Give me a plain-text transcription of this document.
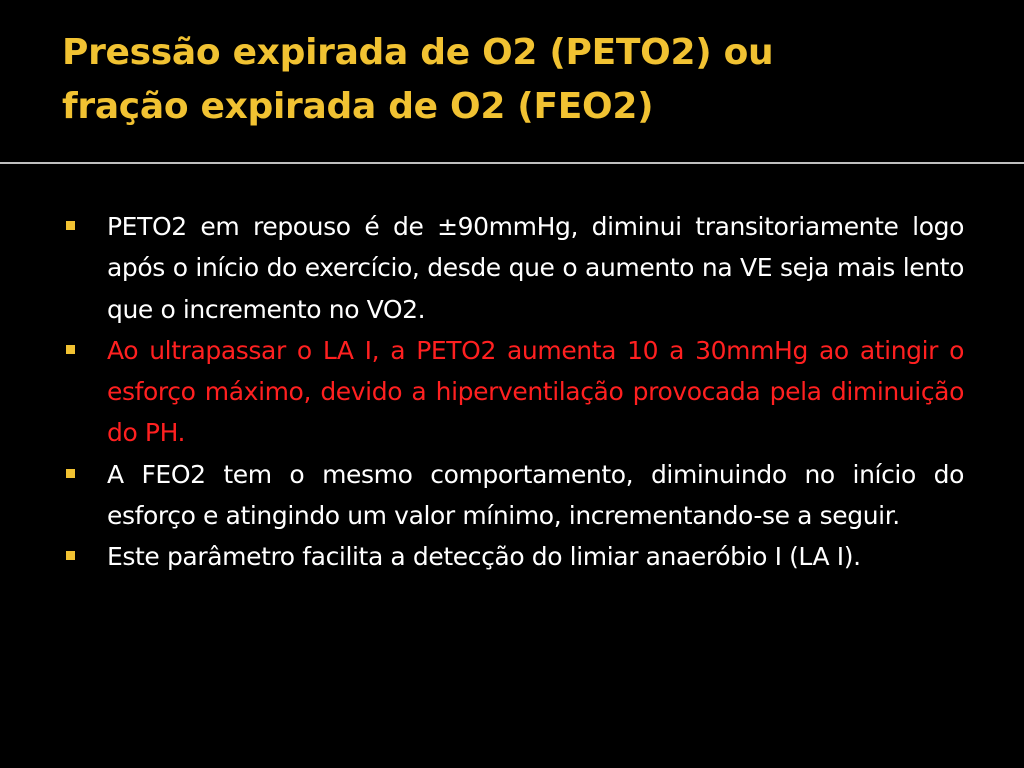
Pressão expirada de O2 (PETO2) ou
fração expirada de O2 (FEO2)
PETO2 em repouso é de ±90mmHg, diminui transitoriamente logo após o início do exercício, desde que o aumento na VE seja mais lento que o incremento no VO2.
Ao ultrapassar o LA I, a PETO2 aumenta 10 a 30mmHg ao atingir o esforço máximo, devido a hiperventilação provocada pela diminuição do PH.
A FEO2 tem o mesmo comportamento, diminuindo no início do esforço e atingindo um valor mínimo, incrementando-se a seguir.
Este parâmetro facilita a detecção do limiar anaeróbio I (LA I).
